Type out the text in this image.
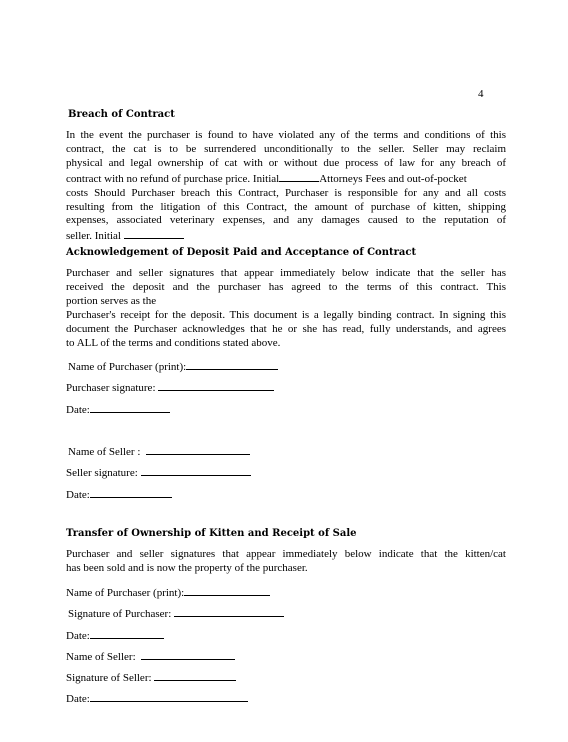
4
Breach of Contract
In the event the purchaser is found to have violated any of the terms and conditions of this
contract, the cat is to be surrendered unconditionally to the seller. Seller may reclaim
physical and legal ownership of cat with or without due process of law for any breach of
contract with no refund of purchase price. Initial	Attorneys Fees and out-of-pocket
costs Should Purchaser breach this Contract, Purchaser is responsible for any and all costs
resulting from the litigation of this Contract, the amount of purchase of kitten, shipping
expenses, associated veterinary expenses, and any damages caused to the reputation of
seller. Initial
Acknowledgement of Deposit Paid and Acceptance of Contract
Purchaser and seller signatures that appear immediately below indicate that the seller has
received the deposit and the purchaser has agreed to the terms of this contract. This
portion serves as the
Purchaser's receipt for the deposit. This document is a legally binding contract. In signing this
document the Purchaser acknowledges that he or she has read, fully understands, and agrees
to ALL of the terms and conditions stated above.
Name of Purchaser (print):
Purchaser signature:
Date:
Name of Seller :
Seller signature:
Date:
Transfer of Ownership of Kitten and Receipt of Sale
Purchaser and seller signatures that appear immediately below indicate that the kitten/cat
has been sold and is now the property of the purchaser.
Name of Purchaser (print):
Signature of Purchaser:
Date:
Name of Seller:
Signature of Seller:
Date:
